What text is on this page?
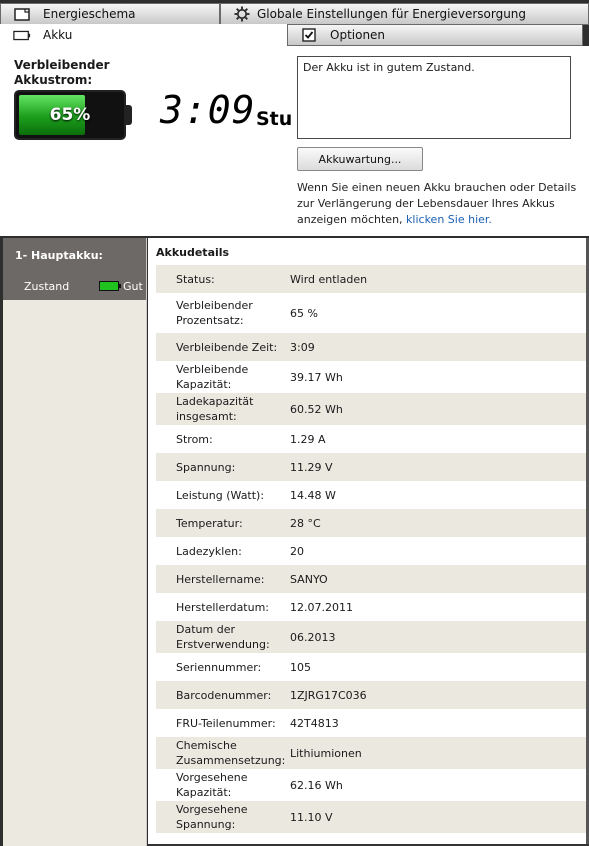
Energieschema	Globale Einstellungen für Energieversorgung
Akku	Optionen
Verbleibender Akkustrom:
65%	3:09 Stu
Der Akku ist in gutem Zustand.
Akkuwartung...
Wenn Sie einen neuen Akku brauchen oder Details zur Verlängerung der Lebensdauer Ihres Akkus anzeigen möchten, klicken Sie hier.
1- Hauptakku:
Zustand	Gut
Akkudetails
Status:	Wird entladen
Verbleibender Prozentsatz:	65 %
Verbleibende Zeit:	3:09
Verbleibende Kapazität:	39.17 Wh
Ladekapazität insgesamt:	60.52 Wh
Strom:	1.29 A
Spannung:	11.29 V
Leistung (Watt):	14.48 W
Temperatur:	28 °C
Ladezyklen:	20
Herstellername:	SANYO
Herstellerdatum:	12.07.2011
Datum der Erstverwendung:	06.2013
Seriennummer:	105
Barcodenummer:	1ZJRG17C036
FRU-Teilenummer:	42T4813
Chemische Zusammensetzung:	Lithiumionen
Vorgesehene Kapazität:	62.16 Wh
Vorgesehene Spannung:	11.10 V
